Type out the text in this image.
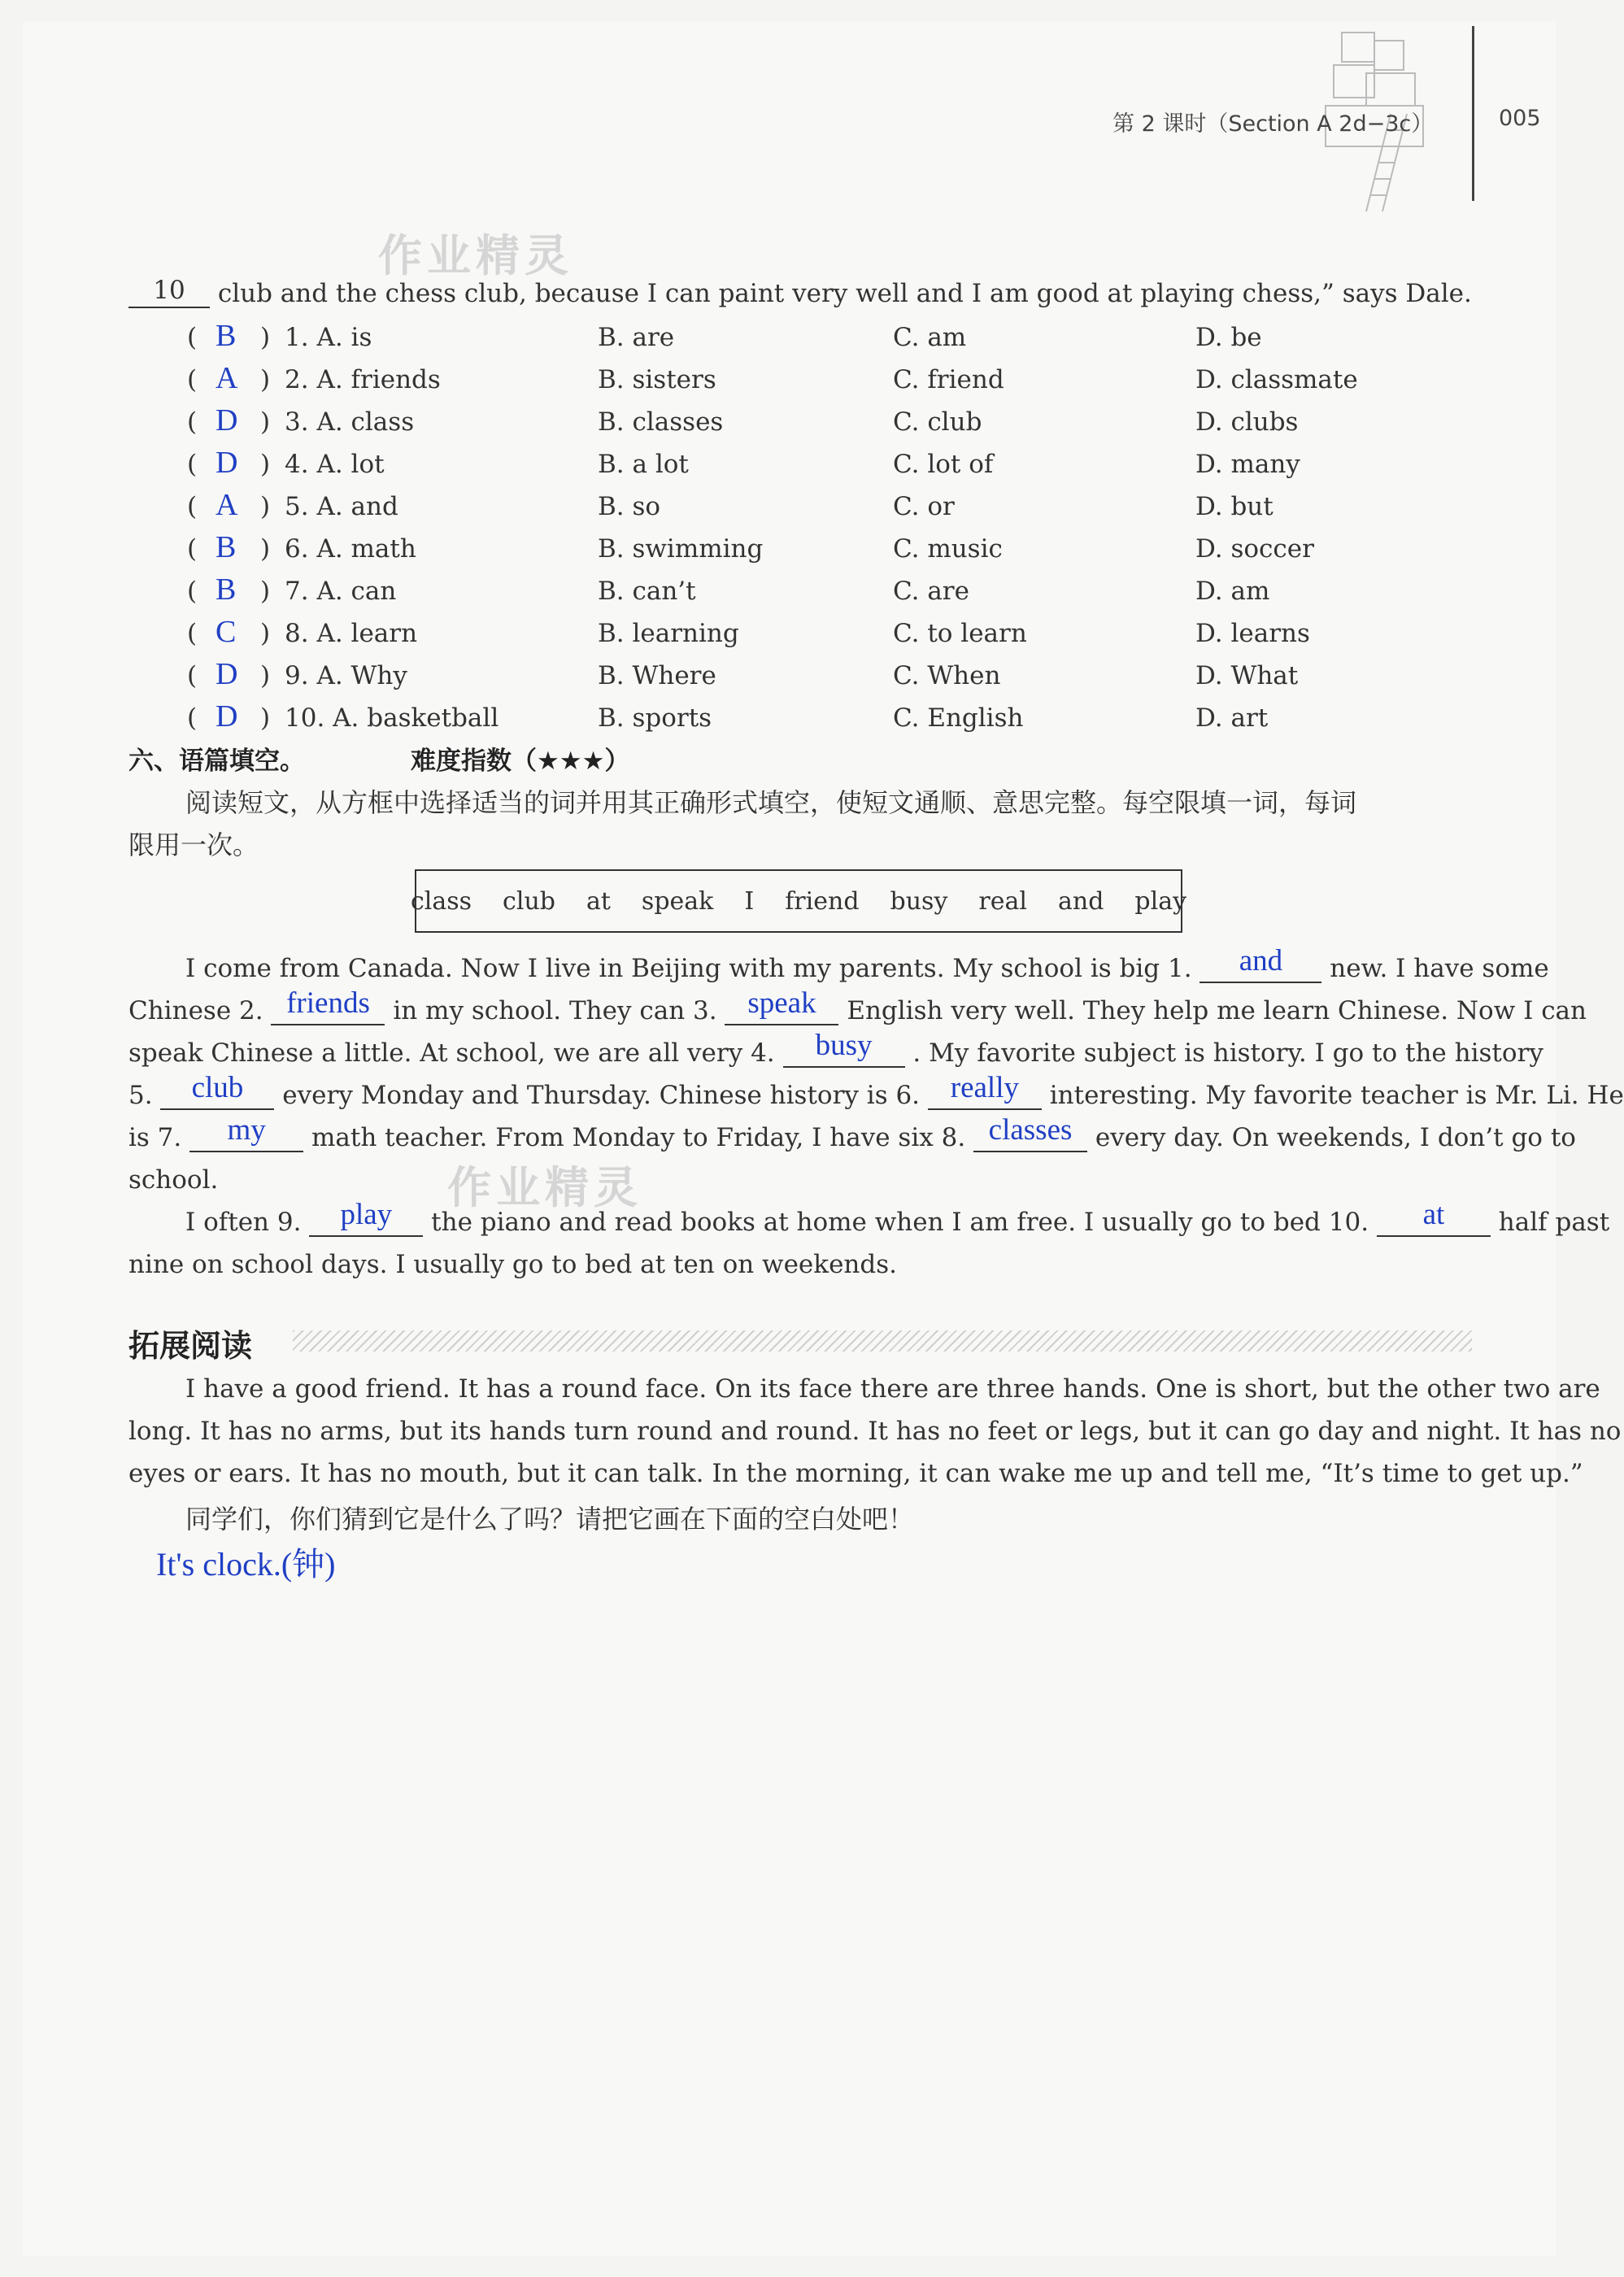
第 2 课时（Section A 2d−3c）	005
作业精灵
作业精灵
10	club and the chess club, because I can paint very well and I am good at playing chess,” says Dale.
( B ) 1. A. is	B. are	C. am	D. be
( A ) 2. A. friends	B. sisters	C. friend	D. classmate
( D ) 3. A. class	B. classes	C. club	D. clubs
( D ) 4. A. lot	B. a lot	C. lot of	D. many
( A ) 5. A. and	B. so	C. or	D. but
( B ) 6. A. math	B. swimming	C. music	D. soccer
( B ) 7. A. can	B. can’t	C. are	D. am
( C ) 8. A. learn	B. learning	C. to learn	D. learns
( D ) 9. A. Why	B. Where	C. When	D. What
( D ) 10. A. basketball	B. sports	C. English	D. art
六、语篇填空。	难度指数（★★★）
阅读短文，从方框中选择适当的词并用其正确形式填空，使短文通顺、意思完整。每空限填一词，每词
限用一次。
class club at speak I friend busy real and play
I come from Canada. Now I live in Beijing with my parents. My school is big 1.	and	new. I have some
Chinese 2. friends in my school. They can 3.	speak	English very well. They help me learn Chinese. Now I can
speak Chinese a little. At school, we are all very 4.	busy	. My favorite subject is history. I go to the history
5.	club	every Monday and Thursday. Chinese history is 6.	really	interesting. My favorite teacher is Mr. Li. He
is 7.	my	math teacher. From Monday to Friday, I have six 8. classes every day. On weekends, I don’t go to
school.
I often 9.	play	the piano and read books at home when I am free. I usually go to bed 10.	at	half past
nine on school days. I usually go to bed at ten on weekends.
拓展阅读
I have a good friend. It has a round face. On its face there are three hands. One is short, but the other two are
long. It has no arms, but its hands turn round and round. It has no feet or legs, but it can go day and night. It has no
eyes or ears. It has no mouth, but it can talk. In the morning, it can wake me up and tell me, “It’s time to get up.”
同学们，你们猜到它是什么了吗？请把它画在下面的空白处吧！
It's clock.(钟)
